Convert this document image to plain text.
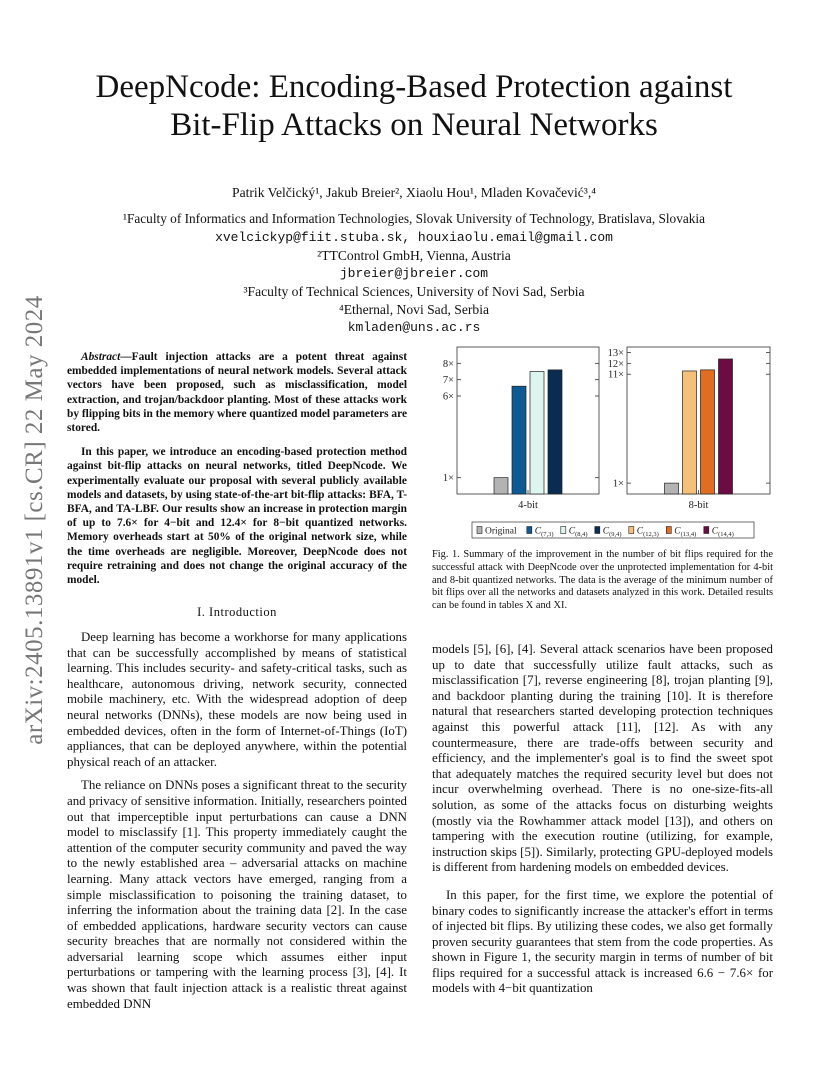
arXiv:2405.13891v1 [cs.CR] 22 May 2024
DeepNcode: Encoding-Based Protection against
Bit-Flip Attacks on Neural Networks
Patrik Velčický¹, Jakub Breier², Xiaolu Hou¹, Mladen Kovačević³,⁴
¹Faculty of Informatics and Information Technologies, Slovak University of Technology, Bratislava, Slovakia
xvelcickyp@fiit.stuba.sk, houxiaolu.email@gmail.com
²TTControl GmbH, Vienna, Austria
jbreier@jbreier.com
³Faculty of Technical Sciences, University of Novi Sad, Serbia
⁴Ethernal, Novi Sad, Serbia
kmladen@uns.ac.rs

Abstract—Fault injection attacks are a potent threat against embedded implementations of neural network models. Several attack vectors have been proposed, such as misclassification, model extraction, and trojan/backdoor planting. Most of these attacks work by flipping bits in the memory where quantized model parameters are stored.

In this paper, we introduce an encoding-based protection method against bit-flip attacks on neural networks, titled DeepNcode. We experimentally evaluate our proposal with several publicly available models and datasets, by using state-of-the-art bit-flip attacks: BFA, T-BFA, and TA-LBF. Our results show an increase in protection margin of up to 7.6× for 4−bit and 12.4× for 8−bit quantized networks. Memory overheads start at 50% of the original network size, while the time overheads are negligible. Moreover, DeepNcode does not require retraining and does not change the original accuracy of the model.

I. Introduction

Deep learning has become a workhorse for many applications that can be successfully accomplished by means of statistical learning. This includes security- and safety-critical tasks, such as healthcare, autonomous driving, network security, connected mobile machinery, etc. With the widespread adoption of deep neural networks (DNNs), these models are now being used in embedded devices, often in the form of Internet-of-Things (IoT) appliances, that can be deployed anywhere, within the potential physical reach of an attacker.

The reliance on DNNs poses a significant threat to the security and privacy of sensitive information. Initially, researchers pointed out that imperceptible input perturbations can cause a DNN model to misclassify [1]. This property immediately caught the attention of the computer security community and paved the way to the newly established area – adversarial attacks on machine learning. Many attack vectors have emerged, ranging from a simple misclassification to poisoning the training dataset, to inferring the information about the training data [2]. In the case of embedded applications, hardware security vectors can cause security breaches that are normally not considered within the adversarial learning scope which assumes either input perturbations or tampering with the learning process [3], [4]. It was shown that fault injection attack is a realistic threat against embedded DNN

1×
6×
7×
8×
4-bit
1×
11×
12×
13×
8-bit
Original $C_{(7,3)}$ $C_{(8,4)}$ $C_{(9,4)}$ $C_{(12,3)}$ $C_{(13,4)}$ $C_{(14,4)}$
Fig. 1. Summary of the improvement in the number of bit flips required for the successful attack with DeepNcode over the unprotected implementation for 4-bit and 8-bit quantized networks. The data is the average of the minimum number of bit flips over all the networks and datasets analyzed in this work. Detailed results can be found in tables X and XI.

models [5], [6], [4]. Several attack scenarios have been proposed up to date that successfully utilize fault attacks, such as misclassification [7], reverse engineering [8], trojan planting [9], and backdoor planting during the training [10]. It is therefore natural that researchers started developing protection techniques against this powerful attack [11], [12]. As with any countermeasure, there are trade-offs between security and efficiency, and the implementer's goal is to find the sweet spot that adequately matches the required security level but does not incur overwhelming overhead. There is no one-size-fits-all solution, as some of the attacks focus on disturbing weights (mostly via the Rowhammer attack model [13]), and others on tampering with the execution routine (utilizing, for example, instruction skips [5]). Similarly, protecting GPU-deployed models is different from hardening models on embedded devices.

In this paper, for the first time, we explore the potential of binary codes to significantly increase the attacker's effort in terms of injected bit flips. By utilizing these codes, we also get formally proven security guarantees that stem from the code properties. As shown in Figure 1, the security margin in terms of number of bit flips required for a successful attack is increased 6.6 − 7.6× for models with 4−bit quantization
